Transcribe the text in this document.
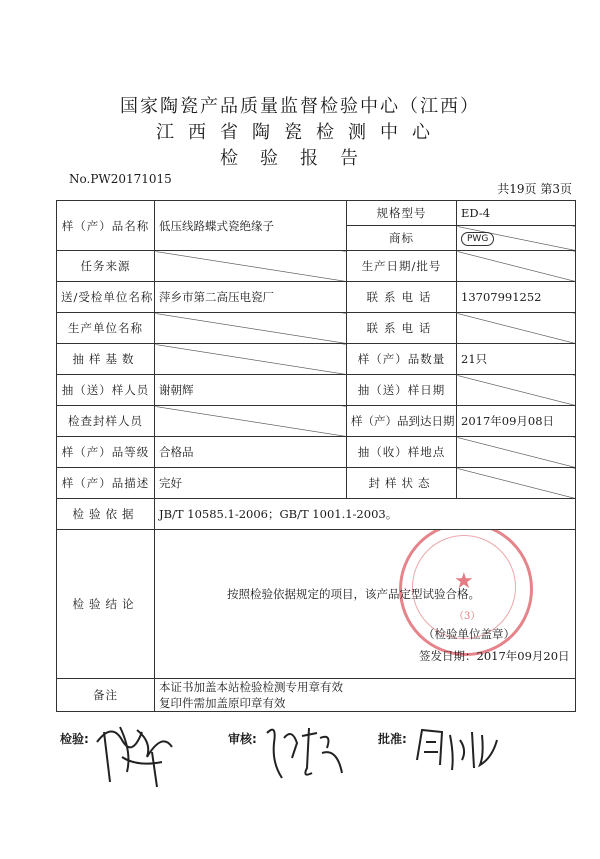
国家陶瓷产品质量监督检验中心（江西）
江西省陶瓷检测中心
检验报告
No.PW20171015
共19页 第3页
样（产）品名称	低压线路蝶式瓷绝缘子	规格型号	ED-4
		商标	PWG
任务来源		生产日期/批号	
送/受检单位名称	萍乡市第二高压电瓷厂	联系电话	13707991252
生产单位名称		联系电话	
抽样基数		样（产）品数量	21只
抽（送）样人员	谢朝辉	抽（送）样日期	
检查封样人员		样（产）品到达日期	2017年09月08日
样（产）品等级	合格品	抽（收）样地点	
样（产）品描述	完好	封样状态	
检验依据	JB/T 10585.1-2006；GB/T 1001.1-2003。		
检验结论	★
（3）
按照检验依据规定的项目，该产品定型试验合格。
（检验单位盖章）
签发日期：2017年09月20日		

备注	本证书加盖本站检验检测专用章有效
复印件需加盖原印章有效		
检验:	审核:	批准:
